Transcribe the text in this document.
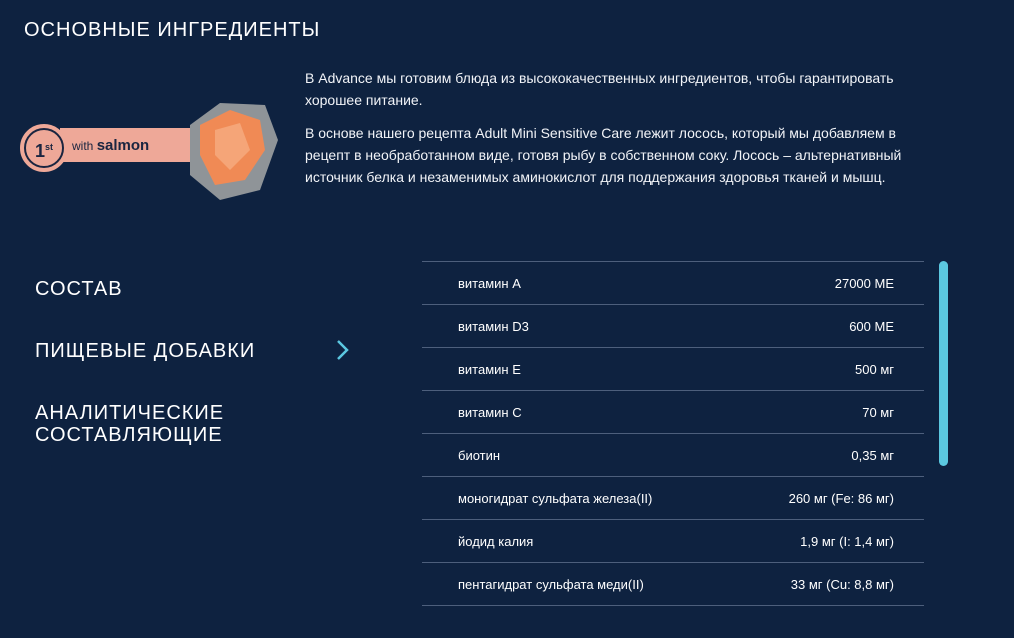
ОСНОВНЫЕ ИНГРЕДИЕНТЫ
1st	with salmon

В Advance мы готовим блюда из высококачественных ингредиентов, чтобы гарантировать хорошее питание.

В основе нашего рецепта Adult Mini Sensitive Care лежит лосось, который мы добавляем в рецепт в необработанном виде, готовя рыбу в собственном соку. Лосось – альтернативный источник белка и незаменимых аминокислот для поддержания здоровья тканей и мышц.

СОСТАВ
ПИЩЕВЫЕ ДОБАВКИ
АНАЛИТИЧЕСКИЕ СОСТАВЛЯЮЩИЕ
витамин A	27000 МЕ
витамин D3	600 МЕ
витамин E	500 мг
витамин C	70 мг
биотин	0,35 мг
моногидрат сульфата железа(II)	260 мг (Fe: 86 мг)
йодид калия	1,9 мг (I: 1,4 мг)
пентагидрат сульфата меди(II)	33 мг (Cu: 8,8 мг)
